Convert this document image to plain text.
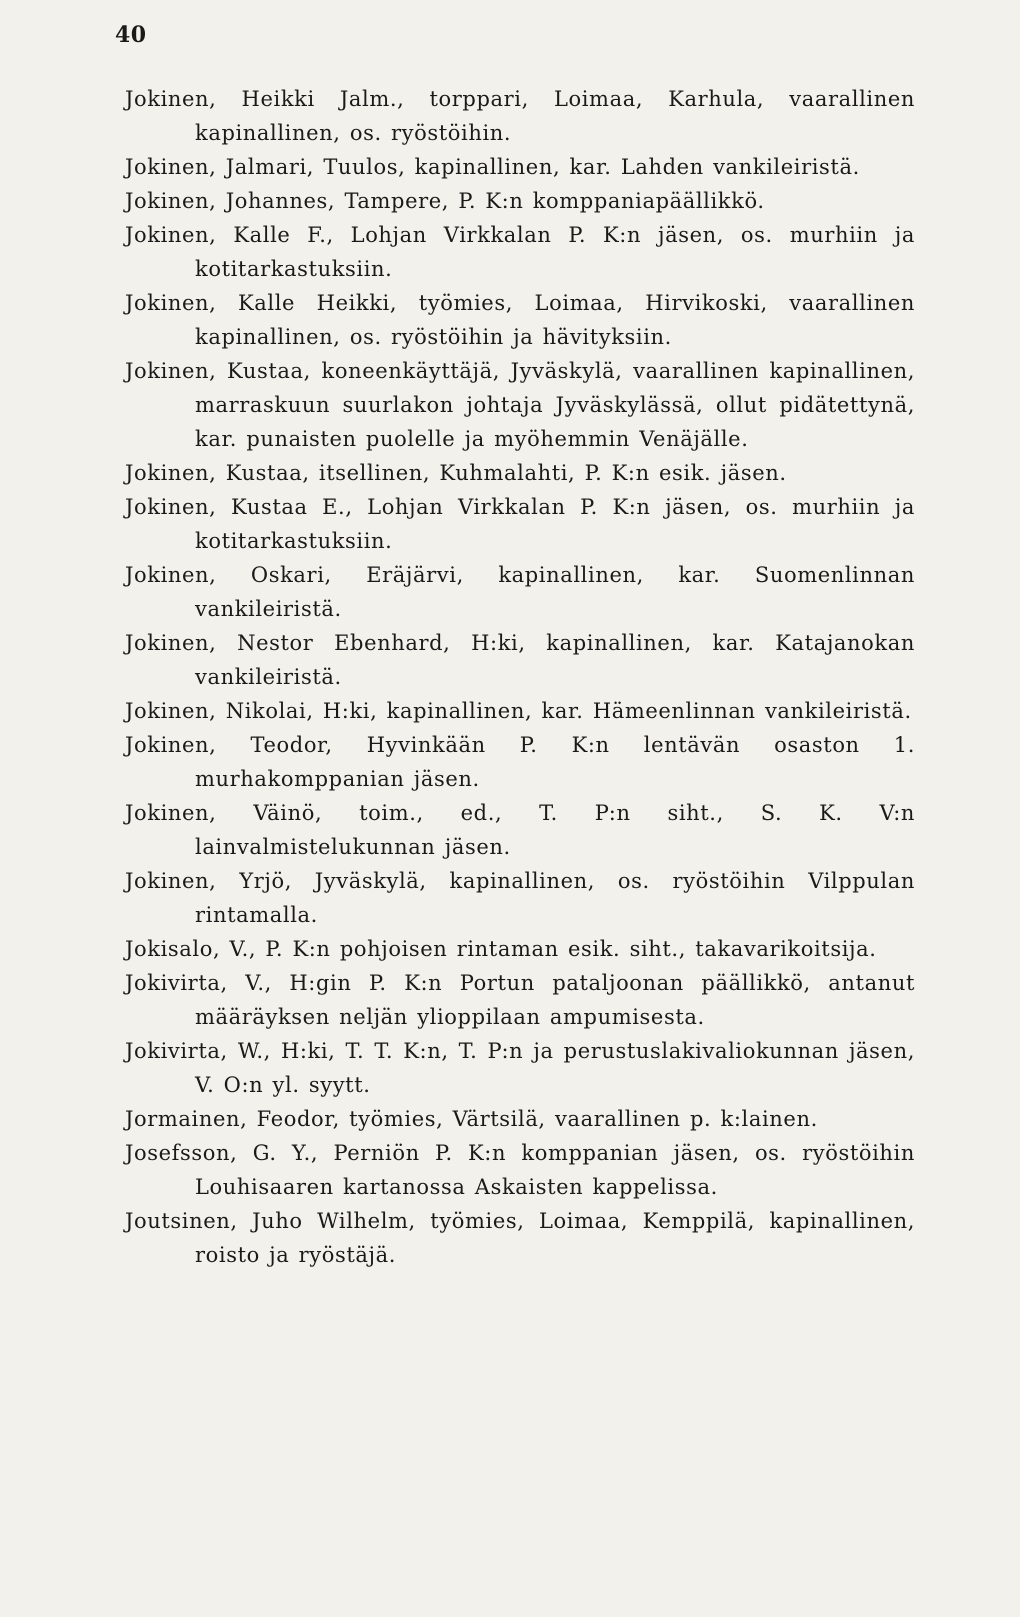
40
Jokinen, Heikki Jalm., torppari, Loimaa, Karhula, vaarallinen kapinallinen, os. ryöstöihin.
Jokinen, Jalmari, Tuulos, kapinallinen, kar. Lahden vankileiristä.
Jokinen, Johannes, Tampere, P. K:n komppaniapäällikkö.
Jokinen, Kalle F., Lohjan Virkkalan P. K:n jäsen, os. murhiin ja kotitarkastuksiin.
Jokinen, Kalle Heikki, työmies, Loimaa, Hirvikoski, vaarallinen kapinallinen, os. ryöstöihin ja hävityksiin.
Jokinen, Kustaa, koneenkäyttäjä, Jyväskylä, vaarallinen kapinallinen, marraskuun suurlakon johtaja Jyväskylässä, ollut pidätettynä, kar. punaisten puolelle ja myöhemmin Venäjälle.
Jokinen, Kustaa, itsellinen, Kuhmalahti, P. K:n esik. jäsen.
Jokinen, Kustaa E., Lohjan Virkkalan P. K:n jäsen, os. murhiin ja kotitarkastuksiin.
Jokinen, Oskari, Eräjärvi, kapinallinen, kar. Suomenlinnan vankileiristä.
Jokinen, Nestor Ebenhard, H:ki, kapinallinen, kar. Katajanokan vankileiristä.
Jokinen, Nikolai, H:ki, kapinallinen, kar. Hämeenlinnan vankileiristä.
Jokinen, Teodor, Hyvinkään P. K:n lentävän osaston 1. murhakomppanian jäsen.
Jokinen, Väinö, toim., ed., T. P:n siht., S. K. V:n lainvalmistelukunnan jäsen.
Jokinen, Yrjö, Jyväskylä, kapinallinen, os. ryöstöihin Vilppulan rintamalla.
Jokisalo, V., P. K:n pohjoisen rintaman esik. siht., takavarikoitsija.
Jokivirta, V., H:gin P. K:n Portun pataljoonan päällikkö, antanut määräyksen neljän ylioppilaan ampumisesta.
Jokivirta, W., H:ki, T. T. K:n, T. P:n ja perustuslakivaliokunnan jäsen, V. O:n yl. syytt.
Jormainen, Feodor, työmies, Värtsilä, vaarallinen p. k:lainen.
Josefsson, G. Y., Perniön P. K:n komppanian jäsen, os. ryöstöihin Louhisaaren kartanossa Askaisten kappelissa.
Joutsinen, Juho Wilhelm, työmies, Loimaa, Kemppilä, kapinallinen, roisto ja ryöstäjä.
